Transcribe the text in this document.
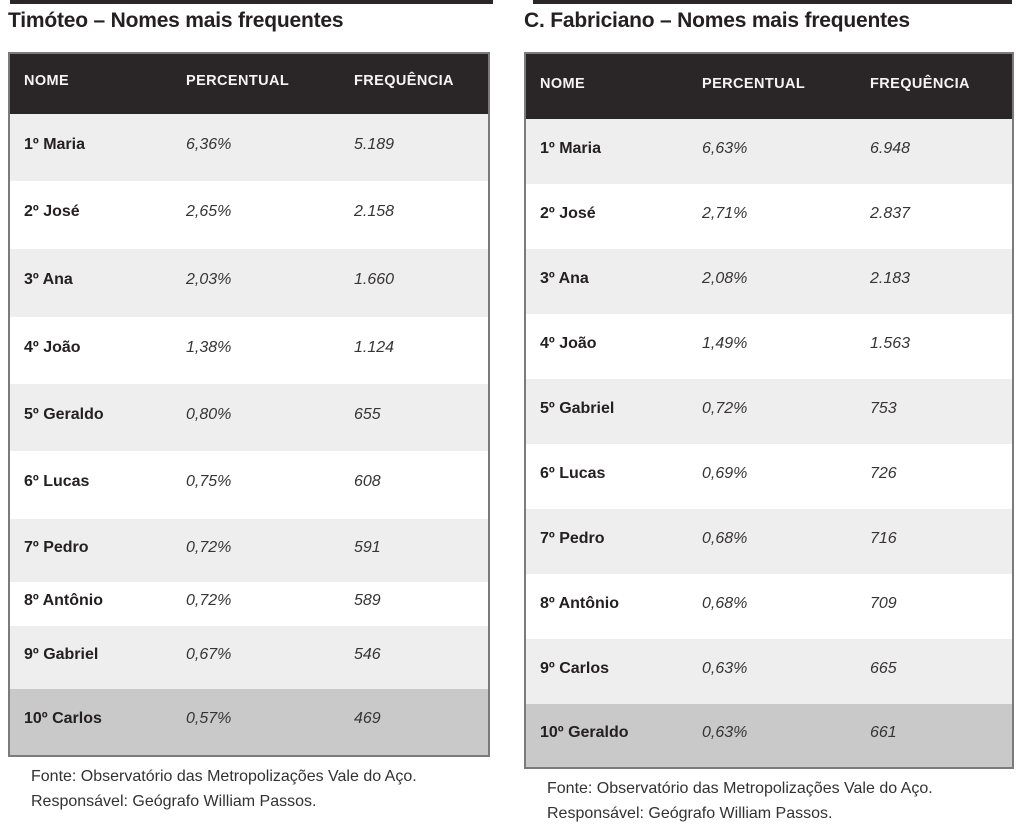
Timóteo – Nomes mais frequentes
NOME	PERCENTUAL	FREQUÊNCIA
1º Maria	6,36%	5.189
2º José	2,65%	2.158
3º Ana	2,03%	1.660
4º João	1,38%	1.124
5º Geraldo	0,80%	655
6º Lucas	0,75%	608
7º Pedro	0,72%	591
8º Antônio	0,72%	589
9º Gabriel	0,67%	546
10º Carlos	0,57%	469

Fonte: Observatório das Metropolizações Vale do Aço.
Responsável: Geógrafo William Passos.

C. Fabriciano – Nomes mais frequentes
NOME	PERCENTUAL	FREQUÊNCIA
1º Maria	6,63%	6.948
2º José	2,71%	2.837
3º Ana	2,08%	2.183
4º João	1,49%	1.563
5º Gabriel	0,72%	753
6º Lucas	0,69%	726
7º Pedro	0,68%	716
8º Antônio	0,68%	709
9º Carlos	0,63%	665
10º Geraldo	0,63%	661

Fonte: Observatório das Metropolizações Vale do Aço.
Responsável: Geógrafo William Passos.
